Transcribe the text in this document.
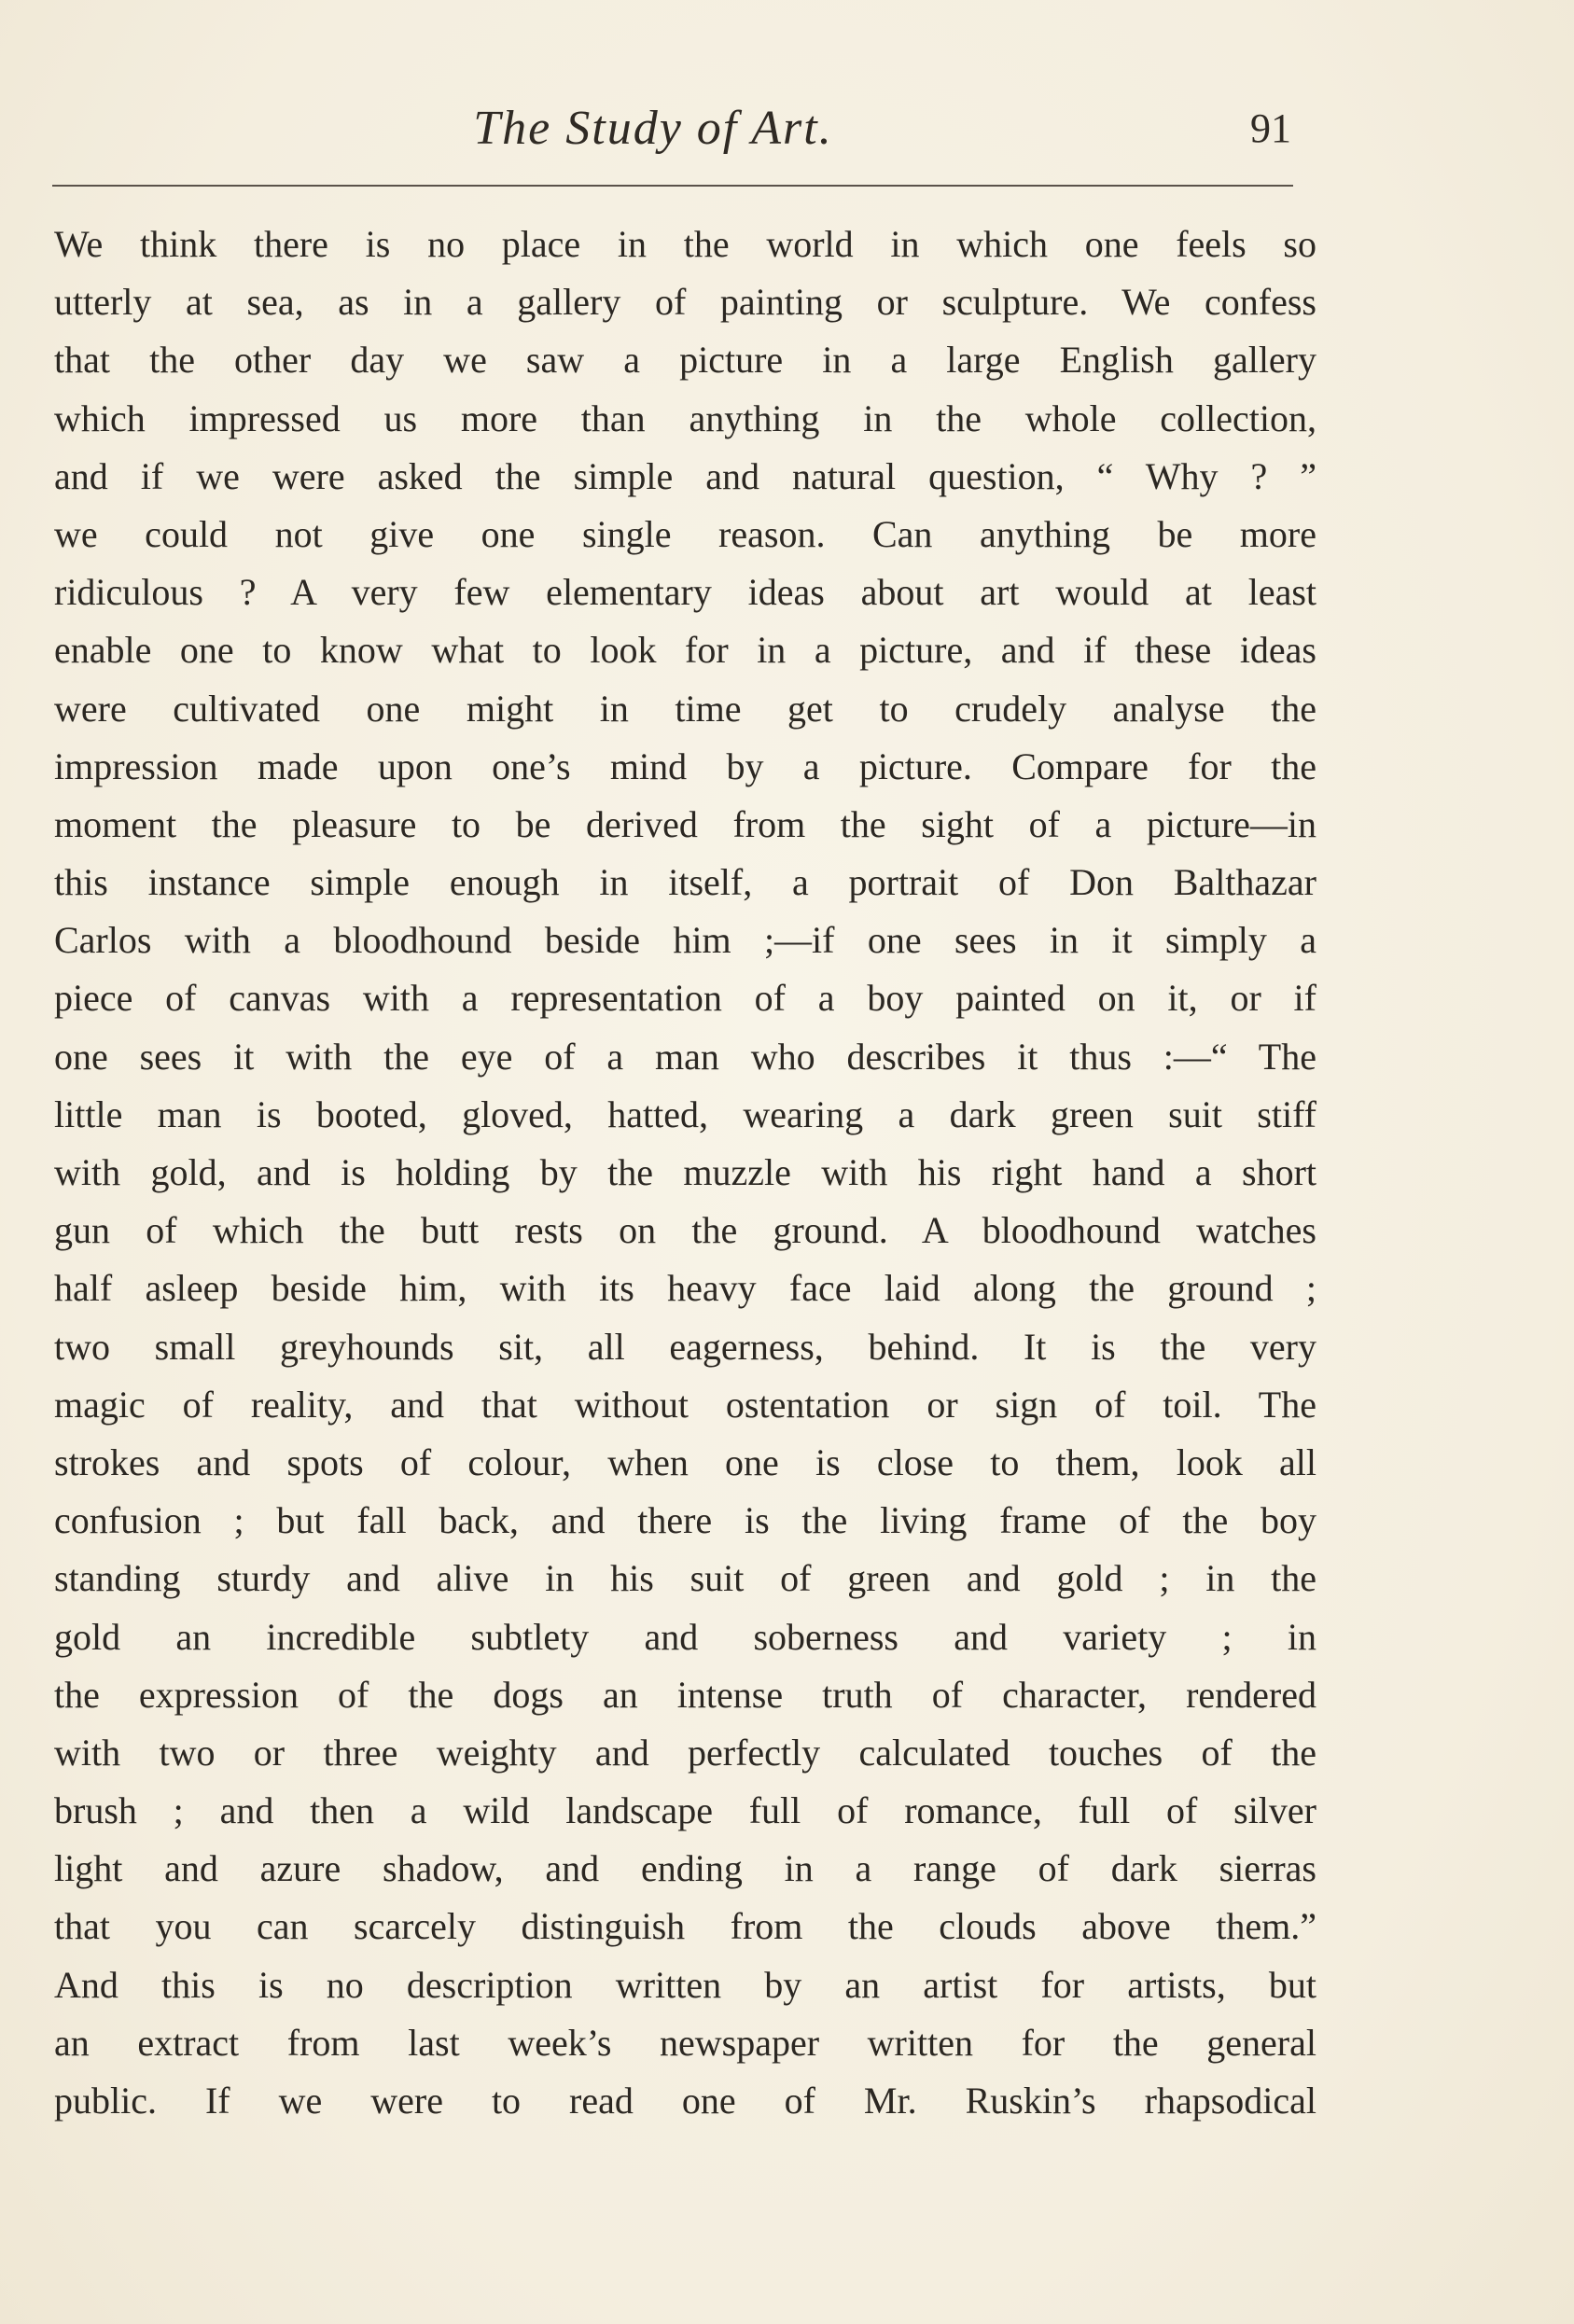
The Study of Art.	91
We think there is no place in the world in which one feels so
utterly at sea, as in a gallery of painting or sculpture. We confess
that the other day we saw a picture in a large English gallery
which impressed us more than anything in the whole collection,
and if we were asked the simple and natural question, “ Why ? ”
we could not give one single reason. Can anything be more
ridiculous ? A very few elementary ideas about art would at least
enable one to know what to look for in a picture, and if these ideas
were cultivated one might in time get to crudely analyse the
impression made upon one’s mind by a picture. Compare for the
moment the pleasure to be derived from the sight of a picture—in
this instance simple enough in itself, a portrait of Don Balthazar
Carlos with a bloodhound beside him ;—if one sees in it simply a
piece of canvas with a representation of a boy painted on it, or if
one sees it with the eye of a man who describes it thus :—“ The
little man is booted, gloved, hatted, wearing a dark green suit stiff
with gold, and is holding by the muzzle with his right hand a short
gun of which the butt rests on the ground. A bloodhound watches
half asleep beside him, with its heavy face laid along the ground ;
two small greyhounds sit, all eagerness, behind. It is the very
magic of reality, and that without ostentation or sign of toil. The
strokes and spots of colour, when one is close to them, look all
confusion ; but fall back, and there is the living frame of the boy
standing sturdy and alive in his suit of green and gold ; in the
gold an incredible subtlety and soberness and variety ; in
the expression of the dogs an intense truth of character, rendered
with two or three weighty and perfectly calculated touches of the
brush ; and then a wild landscape full of romance, full of silver
light and azure shadow, and ending in a range of dark sierras
that you can scarcely distinguish from the clouds above them.”
And this is no description written by an artist for artists, but
an extract from last week’s newspaper written for the general
public. If we were to read one of Mr. Ruskin’s rhapsodical
